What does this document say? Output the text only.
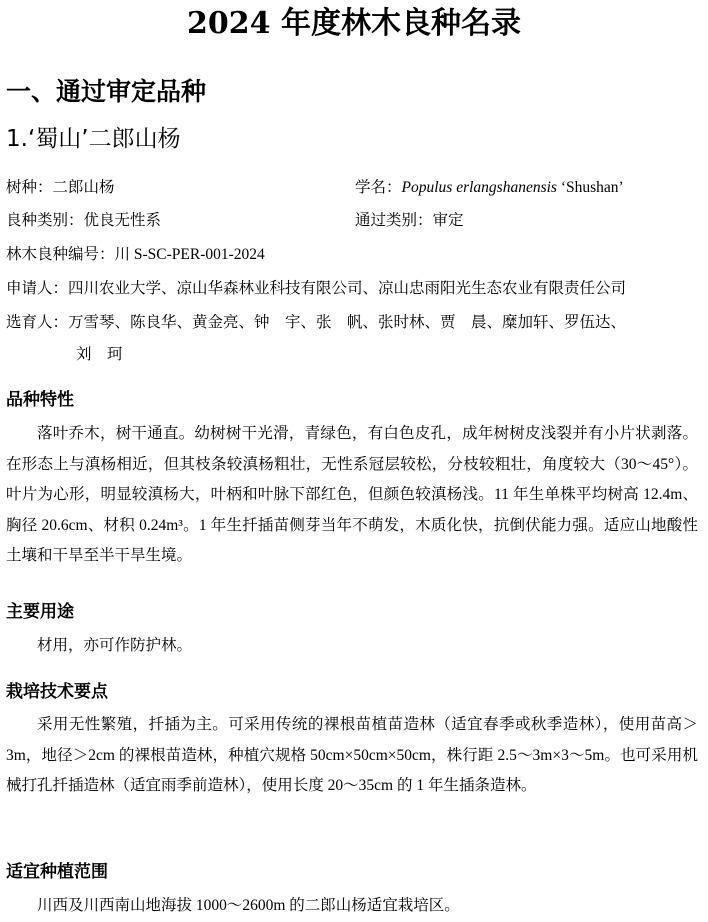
2024 年度林木良种名录
一、通过审定品种
1.‘蜀山’二郎山杨
树种：二郎山杨	学名：Populus erlangshanensis ‘Shushan’
良种类别：优良无性系	通过类别：审定
林木良种编号：川 S-SC-PER-001-2024
申请人：四川农业大学、凉山华森林业科技有限公司、凉山忠雨阳光生态农业有限责任公司
选育人：万雪琴、陈良华、黄金亮、钟　宇、张　帆、张时林、贾　晨、糜加轩、罗伍达、
刘　珂
品种特性
落叶乔木，树干通直。幼树树干光滑，青绿色，有白色皮孔，成年树树皮浅裂并有小片状剥落。在形态上与滇杨相近，但其枝条较滇杨粗壮，无性系冠层较松，分枝较粗壮，角度较大（30～45°）。叶片为心形，明显较滇杨大，叶柄和叶脉下部红色，但颜色较滇杨浅。11 年生单株平均树高 12.4m、胸径 20.6cm、材积 0.24m³。1 年生扦插苗侧芽当年不萌发，木质化快，抗倒伏能力强。适应山地酸性土壤和干旱至半干旱生境。
主要用途
材用，亦可作防护林。
栽培技术要点
采用无性繁殖，扦插为主。可采用传统的裸根苗植苗造林（适宜春季或秋季造林），使用苗高＞3m，地径＞2cm 的裸根苗造林，种植穴规格 50cm×50cm×50cm，株行距 2.5～3m×3～5m。也可采用机械打孔扦插造林（适宜雨季前造林），使用长度 20～35cm 的 1 年生插条造林。
适宜种植范围
川西及川西南山地海拔 1000～2600m 的二郎山杨适宜栽培区。
